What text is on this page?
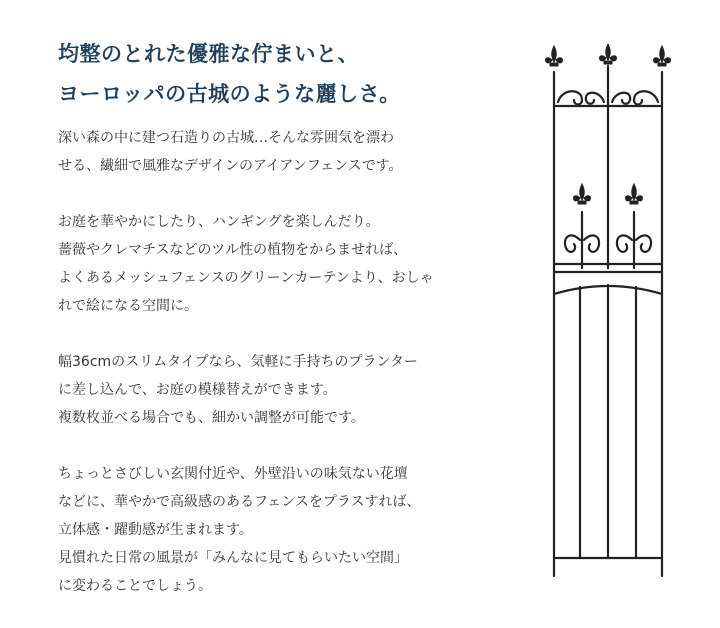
均整のとれた優雅な佇まいと、
ヨーロッパの古城のような麗しさ。
深い森の中に建つ石造りの古城…そんな雰囲気を漂わ
せる、繊細で風雅なデザインのアイアンフェンスです。
お庭を華やかにしたり、ハンギングを楽しんだり。
薔薇やクレマチスなどのツル性の植物をからませれば、
よくあるメッシュフェンスのグリーンカーテンより、おしゃ
れで絵になる空間に。
幅36cmのスリムタイプなら、気軽に手持ちのプランター
に差し込んで、お庭の模様替えができます。
複数枚並べる場合でも、細かい調整が可能です。
ちょっとさびしい玄関付近や、外壁沿いの味気ない花壇
などに、華やかで高級感のあるフェンスをプラスすれば、
立体感・躍動感が生まれます。
見慣れた日常の風景が「みんなに見てもらいたい空間」
に変わることでしょう。
